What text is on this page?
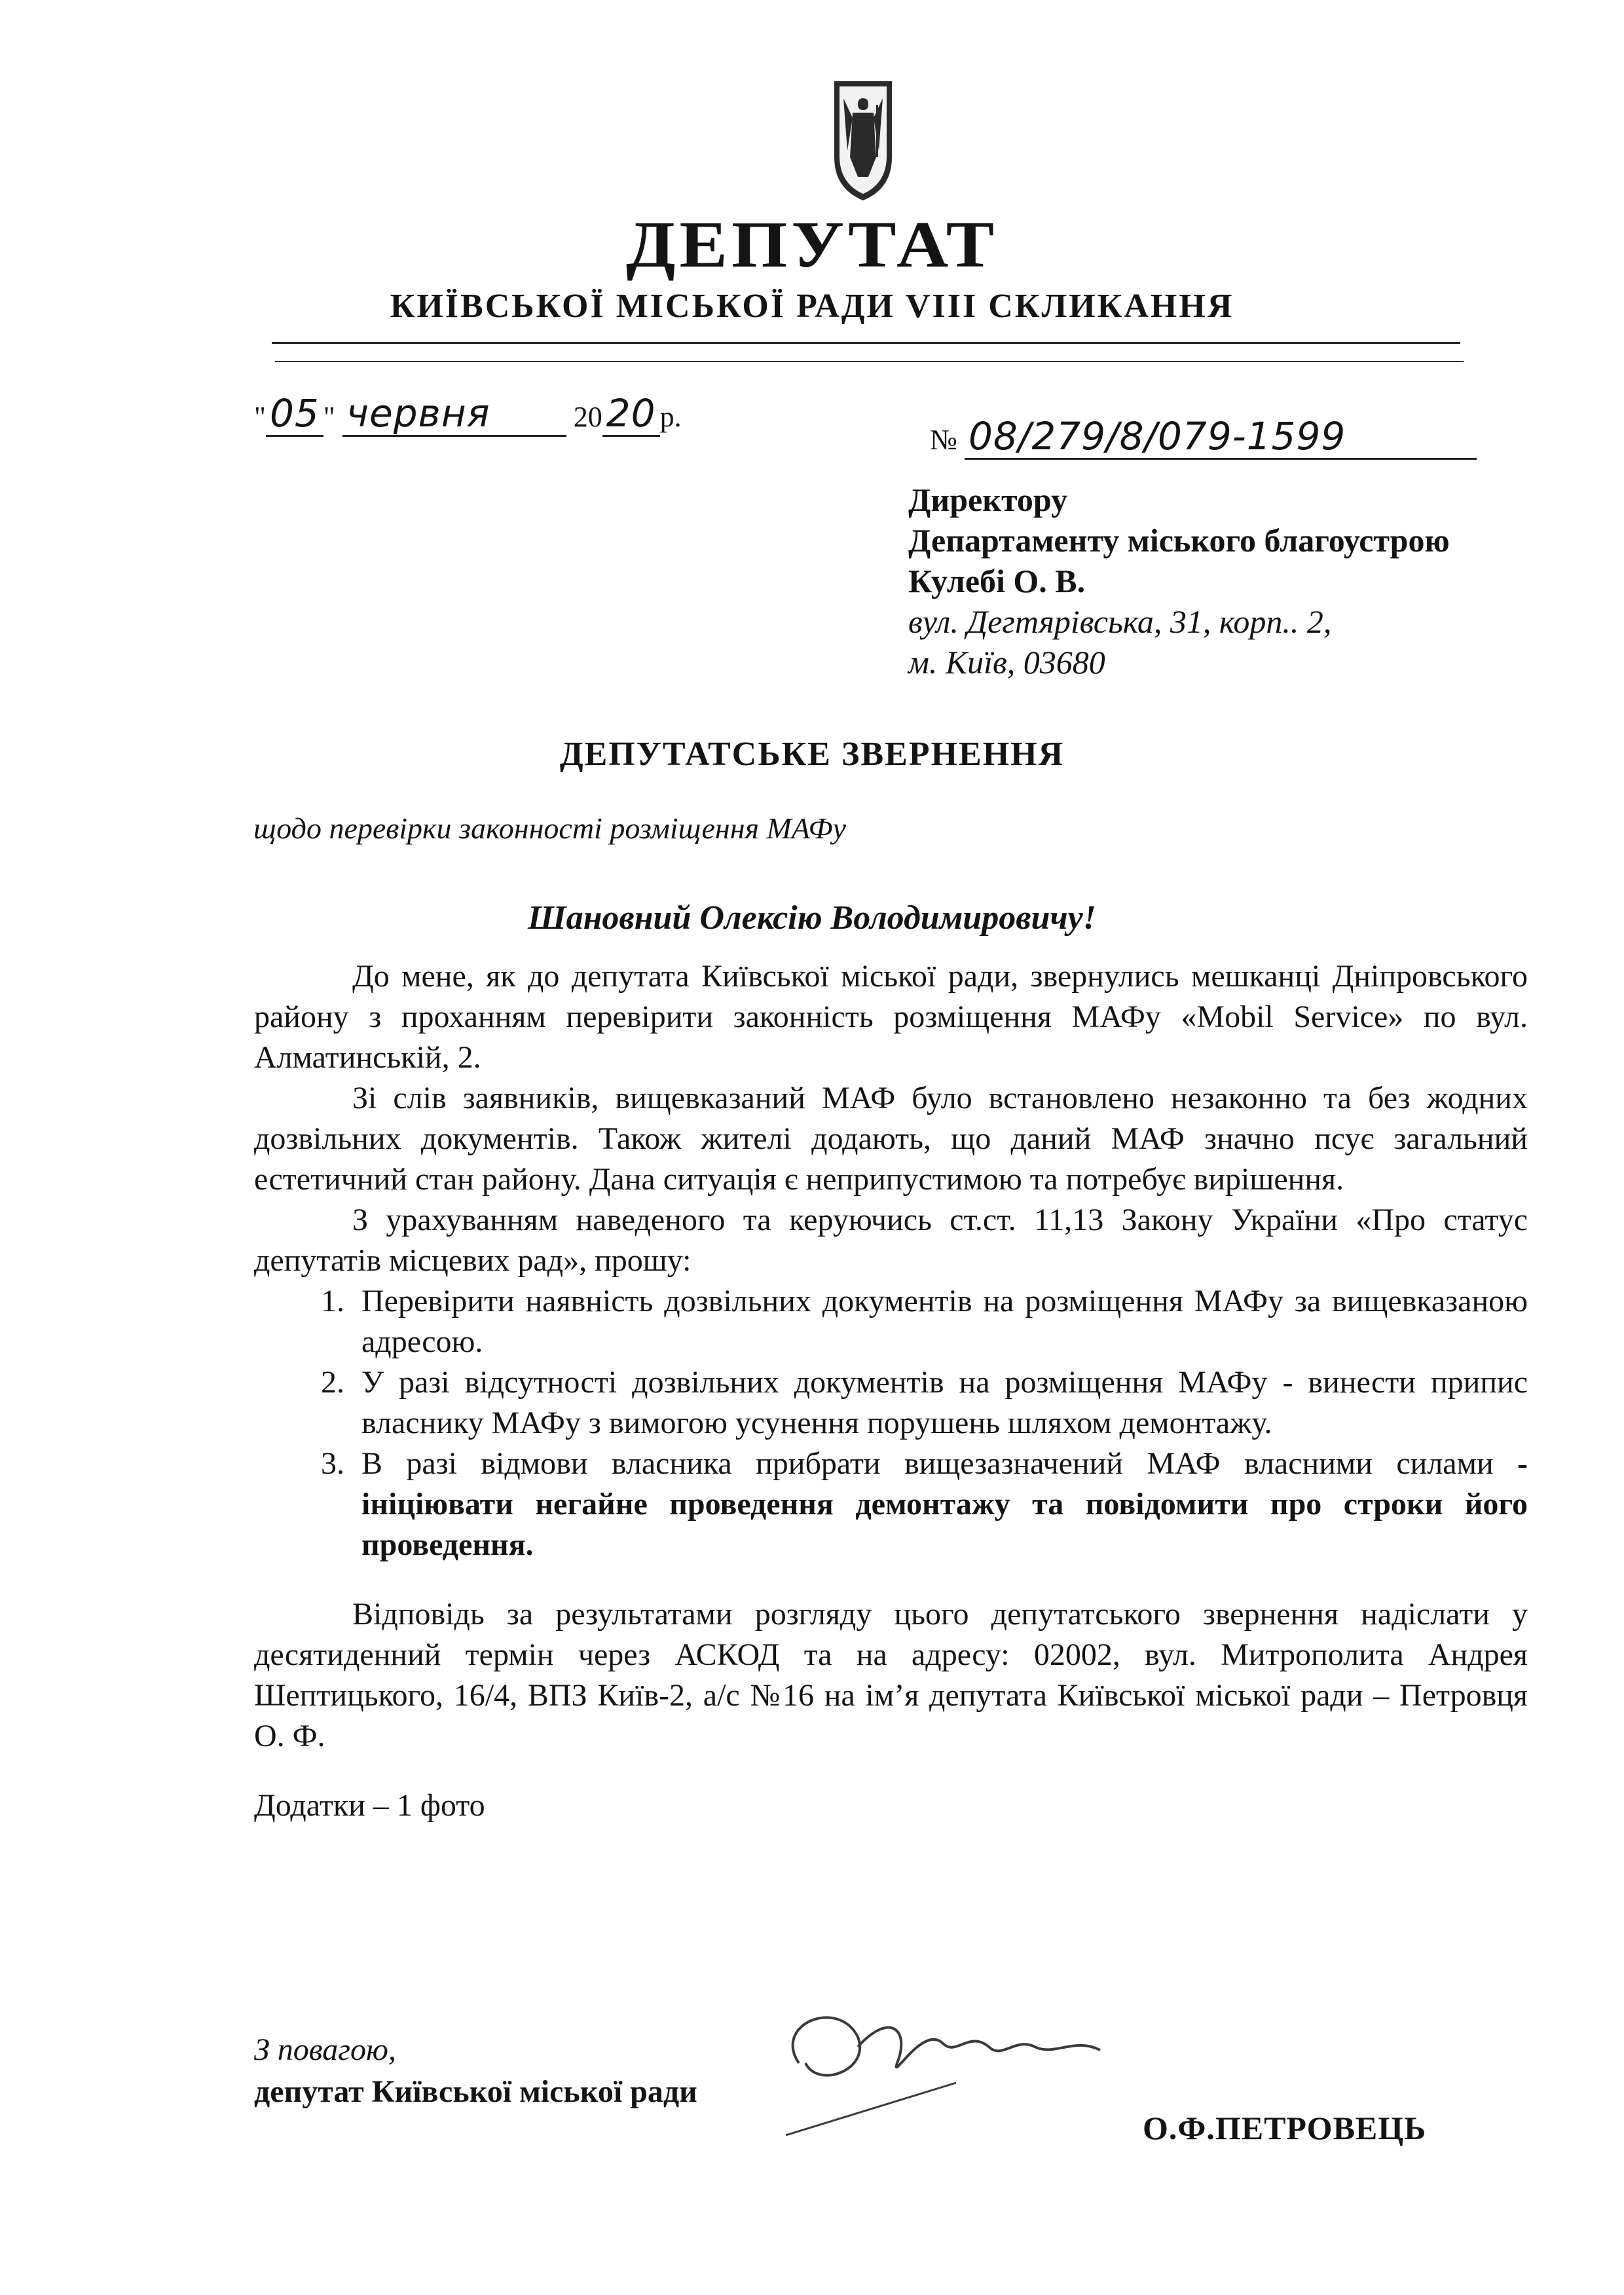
ДЕПУТАТ
КИЇВСЬКОЇ МІСЬКОЇ РАДИ VIII СКЛИКАННЯ
" 05 " червня	20 20 р.
№ 08/279/8/079-1599
Директору
Департаменту міського благоустрою
Кулебі О. В.
вул. Дегтярівська, 31, корп.. 2,
м. Київ, 03680
ДЕПУТАТСЬКЕ ЗВЕРНЕННЯ
щодо перевірки законності розміщення МАФу
Шановний Олексію Володимировичу!

До мене, як до депутата Київської міської ради, звернулись мешканці Дніпровського району з проханням перевірити законність розміщення МАФу «Mobil Service» по вул. Алматинській, 2.

Зі слів заявників, вищевказаний МАФ було встановлено незаконно та без жодних дозвільних документів. Також жителі додають, що даний МАФ значно псує загальний естетичний стан району. Дана ситуація є неприпустимою та потребує вирішення.

З урахуванням наведеного та керуючись ст.ст. 11,13 Закону України «Про статус депутатів місцевих рад», прошу:

1. Перевірити наявність дозвільних документів на розміщення МАФу за вищевказаною адресою.
2. У разі відсутності дозвільних документів на розміщення МАФу - винести припис власнику МАФу з вимогою усунення порушень шляхом демонтажу.
3. В разі відмови власника прибрати вищезазначений МАФ власними силами - ініціювати негайне проведення демонтажу та повідомити про строки його проведення.

Відповідь за результатами розгляду цього депутатського звернення надіслати у десятиденний термін через АСКОД та на адресу: 02002, вул. Митрополита Андрея Шептицького, 16/4, ВПЗ Київ-2, а/с №16 на ім’я депутата Київської міської ради – Петровця О. Ф.

Додатки – 1 фото

З повагою,
депутат Київської міської ради
О.Петровець
О.Ф.ПЕТРОВЕЦЬ
